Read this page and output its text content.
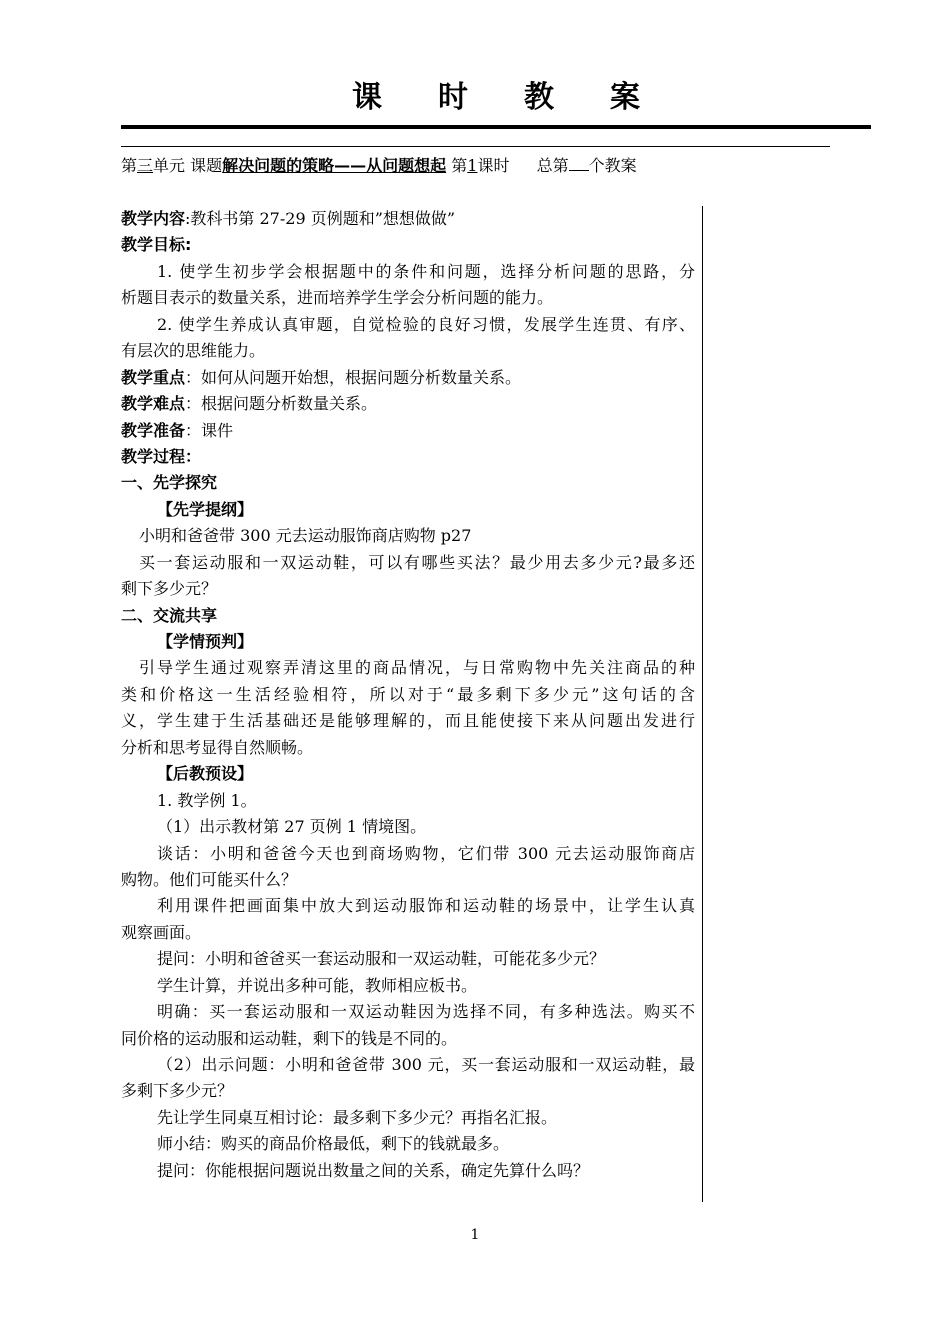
课时教案
第三单元 课题解决问题的策略——从问题想起 第1课时 总第 个教案
教学内容:教科书第 27-29 页例题和”想想做做”
教学目标:
1. 使学生初步学会根据题中的条件和问题，选择分析问题的思路，分
析题目表示的数量关系，进而培养学生学会分析问题的能力。
2. 使学生养成认真审题，自觉检验的良好习惯，发展学生连贯、有序、
有层次的思维能力。
教学重点：如何从问题开始想，根据问题分析数量关系。
教学难点：根据问题分析数量关系。
教学准备：课件
教学过程：
一、先学探究
【先学提纲】
小明和爸爸带 300 元去运动服饰商店购物 p27
买一套运动服和一双运动鞋，可以有哪些买法？最少用去多少元?最多还
剩下多少元？
二、交流共享
【学情预判】
引导学生通过观察弄清这里的商品情况，与日常购物中先关注商品的种
类和价格这一生活经验相符，所以对于“最多剩下多少元”这句话的含
义，学生建于生活基础还是能够理解的，而且能使接下来从问题出发进行
分析和思考显得自然顺畅。
【后教预设】
1. 教学例 1。
（1）出示教材第 27 页例 1 情境图。
谈话：小明和爸爸今天也到商场购物，它们带 300 元去运动服饰商店
购物。他们可能买什么？
利用课件把画面集中放大到运动服饰和运动鞋的场景中，让学生认真
观察画面。
提问：小明和爸爸买一套运动服和一双运动鞋，可能花多少元？
学生计算，并说出多种可能，教师相应板书。
明确：买一套运动服和一双运动鞋因为选择不同，有多种选法。购买不
同价格的运动服和运动鞋，剩下的钱是不同的。
（2）出示问题：小明和爸爸带 300 元，买一套运动服和一双运动鞋，最
多剩下多少元？
先让学生同桌互相讨论：最多剩下多少元？再指名汇报。
师小结：购买的商品价格最低，剩下的钱就最多。
提问：你能根据问题说出数量之间的关系，确定先算什么吗？
1
